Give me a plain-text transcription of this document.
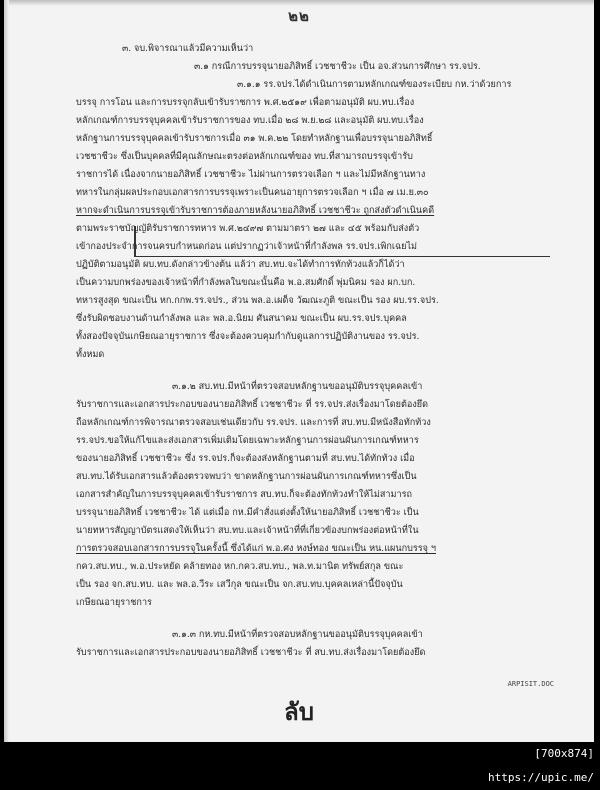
๒๒
๓. จบ.พิจารณาแล้วมีความเห็นว่า
๓.๑ กรณีการบรรจุนายอภิสิทธิ์ เวชชาชีวะ เป็น อจ.ส่วนการศึกษา รร.จปร.
๓.๑.๑ รร.จปร.ได้ดำเนินการตามหลักเกณฑ์ของระเบียบ กห.ว่าด้วยการ
บรรจุ การโอน และการบรรจุกลับเข้ารับราชการ พ.ศ.๒๕๑๙ เพื่อตามอนุมัติ ผบ.ทบ.เรื่อง
หลักเกณฑ์การบรรจุบุคคลเข้ารับราชการของ ทบ.เมื่อ ๒๘ พ.ย.๒๘ และอนุมัติ ผบ.ทบ.เรื่อง
หลักฐานการบรรจุบุคคลเข้ารับราชการเมื่อ ๓๑ พ.ค.๒๒ โดยทำหลักฐานเพื่อบรรจุนายอภิสิทธิ์
เวชชาชีวะ ซึ่งเป็นบุคคลที่มีคุณลักษณะตรงต่อหลักเกณฑ์ของ ทบ.ที่สามารถบรรจุเข้ารับ
ราชการได้ เนื่องจากนายอภิสิทธิ์ เวชชาชีวะ ไม่ผ่านการตรวจเลือก ฯ และไม่มีหลักฐานทาง
ทหารในกลุ่มผลประกอบเอกสารการบรรจุเพราะเป็นคนอายุการตรวจเลือก ฯ เมื่อ ๗ เม.ย.๓๐
หากจะดำเนินการบรรจุเข้ารับราชการต้องภายหลังนายอภิสิทธิ์ เวชชาชีวะ ถูกส่งตัวดำเนินคดี
ตามพระราชบัญญัติรับราชการทหาร พ.ศ.๒๔๙๗ ตามมาตรา ๒๗ และ ๔๕ พร้อมกับส่งตัว
เข้ากองประจำการจนครบกำหนดก่อน แต่ปรากฏว่าเจ้าหน้าที่กำลังพล รร.จปร.เพิกเฉยไม่
ปฏิบัติตามอนุมัติ ผบ.ทบ.ดังกล่าวข้างต้น แล้ว่า สบ.ทบ.จะได้ทำการทักท้วงแล้วก็ได้ว่า
เป็นความบกพร่องของเจ้าหน้าที่กำลังพลในขณะนั้นคือ พ.อ.สมศักดิ์ พุ่มนิคม รอง ผก.บก.
ทหารสูงสุด ขณะเป็น หก.กกพ.รร.จปร., ส่วน พล.อ.เผด็จ วัฒณะภูติ ขณะเป็น รอง ผบ.รร.จปร.
ซึ่งรับผิดชอบงานด้านกำลังพล และ พล.อ.นิยม ศันสนาคม ขณะเป็น ผบ.รร.จปร.บุคคล
ทั้งสองปัจจุบันเกษียณอายุราชการ ซึ่งจะต้องควบคุมกำกับดูแลการปฏิบัติงานของ รร.จปร.
ทั้งหมด
๓.๑.๒ สบ.ทบ.มีหน้าที่ตรวจสอบหลักฐานขออนุมัติบรรจุบุคคลเข้า
รับราชการและเอกสารประกอบของนายอภิสิทธิ์ เวชชาชีวะ ที่ รร.จปร.ส่งเรื่องมาโดยต้องยึด
ถือหลักเกณฑ์การพิจารณาตรวจสอบเช่นเดียวกับ รร.จปร. และการที่ สบ.ทบ.มีหนังสือทักท้วง
รร.จปร.ขอให้แก้ไขและส่งเอกสารเพิ่มเติมโดยเฉพาะหลักฐานการผ่อนผันการเกณฑ์ทหาร
ของนายอภิสิทธิ์ เวชชาชีวะ ซึ่ง รร.จปร.ก็จะต้องส่งหลักฐานตามที่ สบ.ทบ.ได้ทักท้วง เมื่อ
สบ.ทบ.ได้รับเอกสารแล้วต้องตรวจพบว่า ขาดหลักฐานการผ่อนผันการเกณฑ์ทหารซึ่งเป็น
เอกสารสำคัญในการบรรจุบุคคลเข้ารับราชการ สบ.ทบ.ก็จะต้องทักท้วงทำให้ไม่สามารถ
บรรจุนายอภิสิทธิ์ เวชชาชีวะ ได้ แต่เมื่อ กห.มีคำสั่งแต่งตั้งให้นายอภิสิทธิ์ เวชชาชีวะ เป็น
นายทหารสัญญาบัตรแสดงให้เห็นว่า สบ.ทบ.และเจ้าหน้าที่ที่เกี่ยวข้องบกพร่องต่อหน้าที่ใน
การตรวจสอบเอกสารการบรรจุในครั้งนี้ ซึ่งได้แก่ พ.อ.ศง หงษ์ทอง ขณะเป็น หน.แผนกบรรจุ ฯ
กคว.สบ.ทบ., พ.อ.ประหยัด คล้ายทอง หก.กคว.สบ.ทบ., พล.ท.มานิต ทรัพย์สกุล ขณะ
เป็น รอง จก.สบ.ทบ. และ พล.อ.วีระ เสวีกุล ขณะเป็น จก.สบ.ทบ.บุคคลเหล่านี้ปัจจุบัน
เกษียณอายุราชการ
๓.๑.๓ กห.ทบ.มีหน้าที่ตรวจสอบหลักฐานขออนุมัติบรรจุบุคคลเข้า
รับราชการและเอกสารประกอบของนายอภิสิทธิ์ เวชชาชีวะ ที่ สบ.ทบ.ส่งเรื่องมาโดยต้องยึด
ARPISIT.DOC
ลับ
[700x874] https://upic.me/
